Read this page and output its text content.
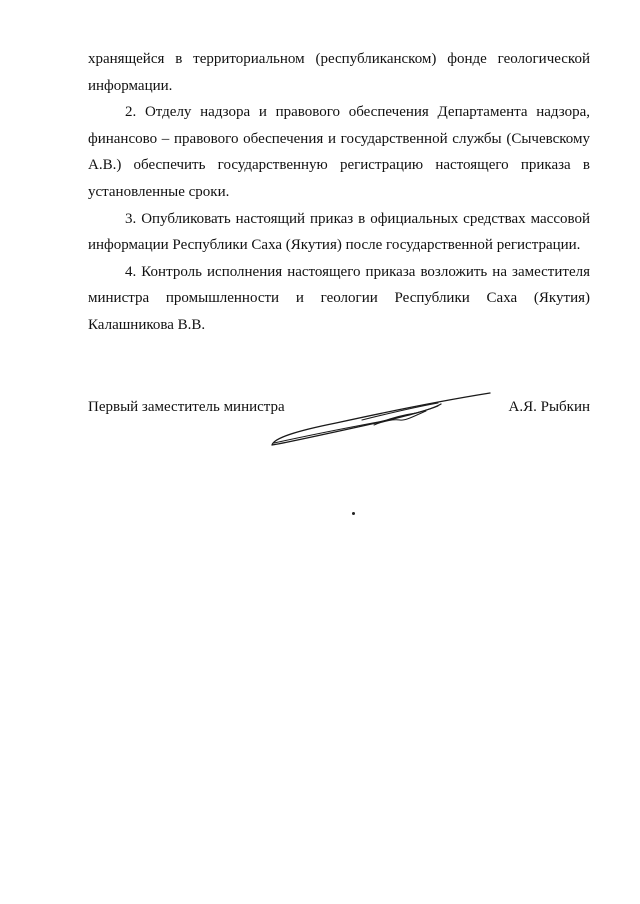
хранящейся в территориальном (республиканском) фонде геологической информации.

2. Отделу надзора и правового обеспечения Департамента надзора, финансово – правового обеспечения и государственной службы (Сычевскому А.В.) обеспечить государственную регистрацию настоящего приказа в установленные сроки.

3. Опубликовать настоящий приказ в официальных средствах массовой информации Республики Саха (Якутия) после государственной регистрации.

4. Контроль исполнения настоящего приказа возложить на заместителя министра промышленности и геологии Республики Саха (Якутия) Калашникова В.В.

Первый заместитель министра	А.Я. Рыбкин
